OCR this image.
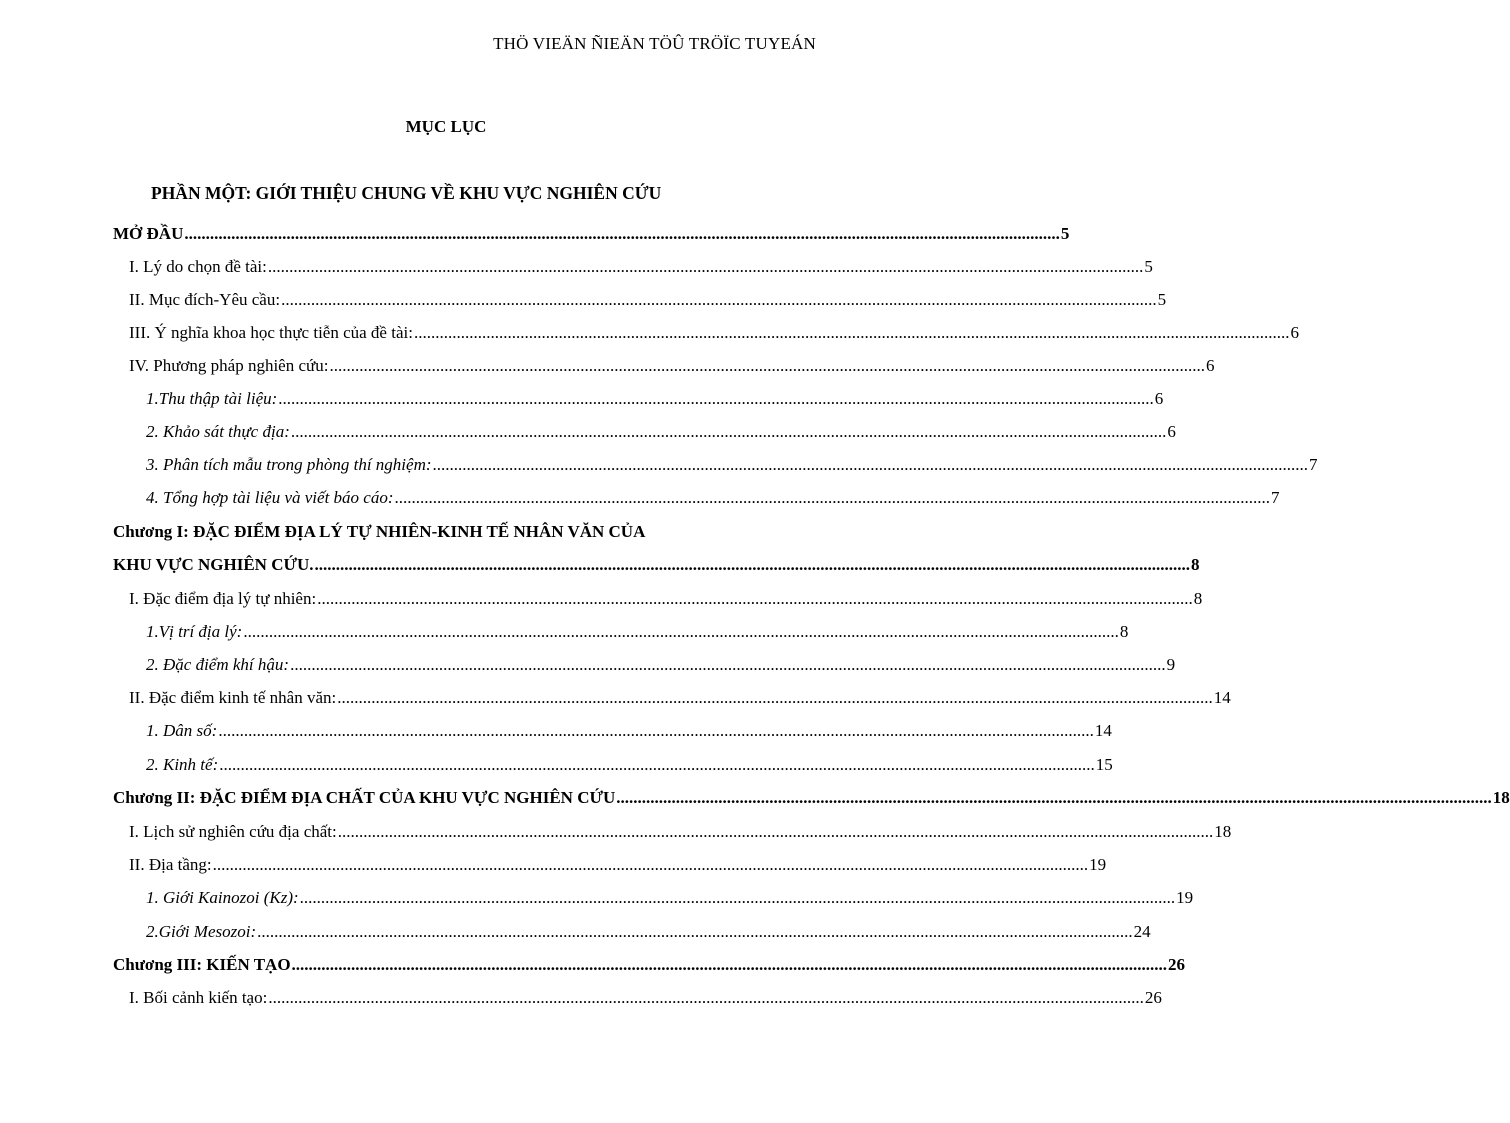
THÖ VIEÄN ÑIEÄN TÖÛ TRÖÏC TUYEÁN
MỤC LỤC
PHẦN MỘT: GIỚI THIỆU CHUNG VỀ KHU VỰC NGHIÊN CỨU
MỞ ĐẦU .............................................................................................................................................................................................................. 5
I. Lý do chọn đề tài: .............................................................................................................................................................................................................. 5
II. Mục đích-Yêu cầu: .............................................................................................................................................................................................................. 5
III. Ý nghĩa khoa học thực tiễn của đề tài: .............................................................................................................................................................................................................. 6
IV. Phương pháp nghiên cứu: .............................................................................................................................................................................................................. 6
1.Thu thập tài liệu: .............................................................................................................................................................................................................. 6
2. Khảo sát thực địa: .............................................................................................................................................................................................................. 6
3. Phân tích mẫu trong phòng thí nghiệm: .............................................................................................................................................................................................................. 7
4. Tổng hợp tài liệu và viết báo cáo: .............................................................................................................................................................................................................. 7
Chương I: ĐẶC ĐIỂM ĐỊA LÝ TỰ NHIÊN-KINH TẾ NHÂN VĂN CỦA
KHU VỰC NGHIÊN CỨU. .............................................................................................................................................................................................................. 8
I. Đặc điểm địa lý tự nhiên: .............................................................................................................................................................................................................. 8
1.Vị trí địa lý: .............................................................................................................................................................................................................. 8
2. Đặc điểm khí hậu: .............................................................................................................................................................................................................. 9
II. Đặc điểm kinh tế nhân văn: .............................................................................................................................................................................................................. 14
1. Dân số: .............................................................................................................................................................................................................. 14
2. Kinh tế: .............................................................................................................................................................................................................. 15
Chương II: ĐẶC ĐIỂM ĐỊA CHẤT CỦA KHU VỰC NGHIÊN CỨU .............................................................................................................................................................................................................. 18
I. Lịch sử nghiên cứu địa chất: .............................................................................................................................................................................................................. 18
II. Địa tầng: .............................................................................................................................................................................................................. 19
1. Giới Kainozoi (Kz): .............................................................................................................................................................................................................. 19
2.Giới Mesozoi: .............................................................................................................................................................................................................. 24
Chương III: KIẾN TẠO .............................................................................................................................................................................................................. 26
I. Bối cảnh kiến tạo: .............................................................................................................................................................................................................. 26
